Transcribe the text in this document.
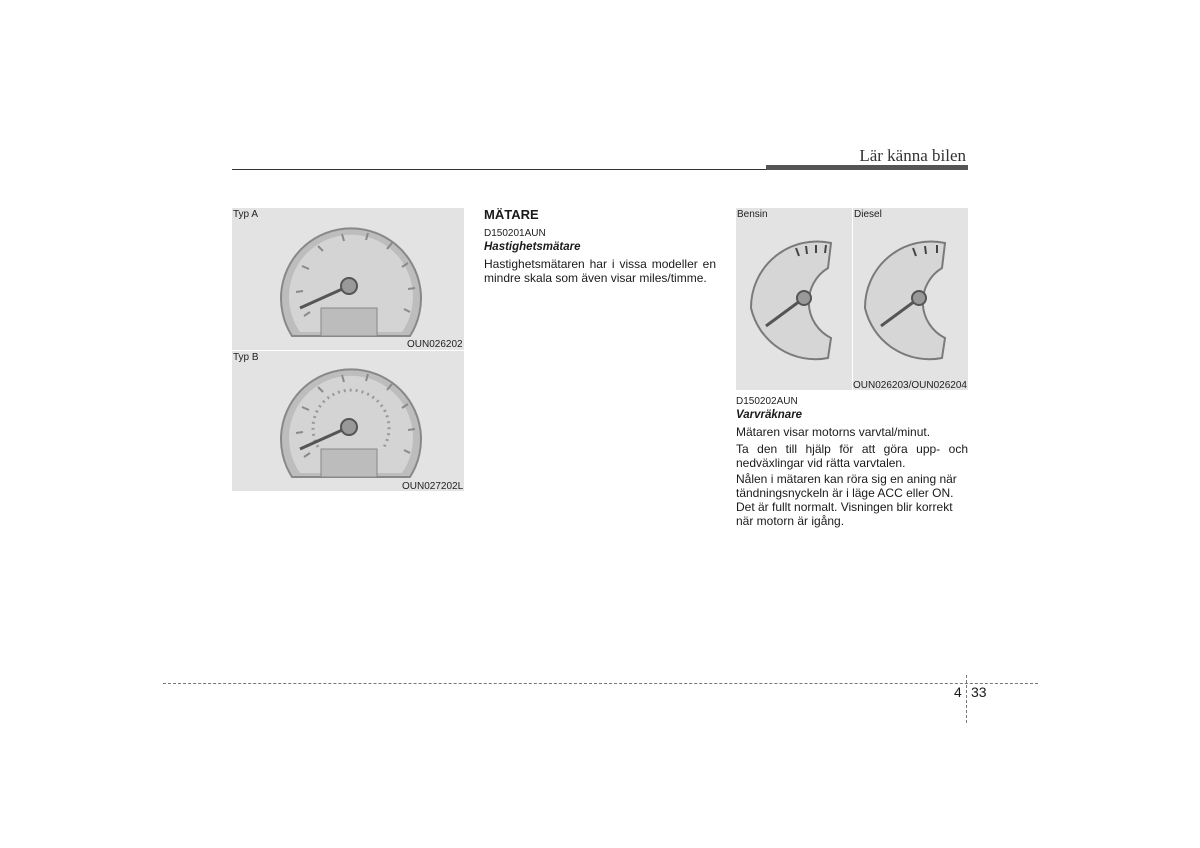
Lär känna bilen
Typ A
OUN026202
Typ B
OUN027202L
MÄTARE
D150201AUN
Hastighetsmätare
Hastighetsmätaren har i vissa modeller en mindre skala som även visar miles/timme.
Bensin	Diesel
OUN026203/OUN026204
D150202AUN
Varvräknare
Mätaren visar motorns varvtal/minut.
Ta den till hjälp för att göra upp- och nedväxlingar vid rätta varvtalen.
Nålen i mätaren kan röra sig en aning när tändningsnyckeln är i läge ACC eller ON. Det är fullt normalt. Visningen blir korrekt när motorn är igång.
4 33
